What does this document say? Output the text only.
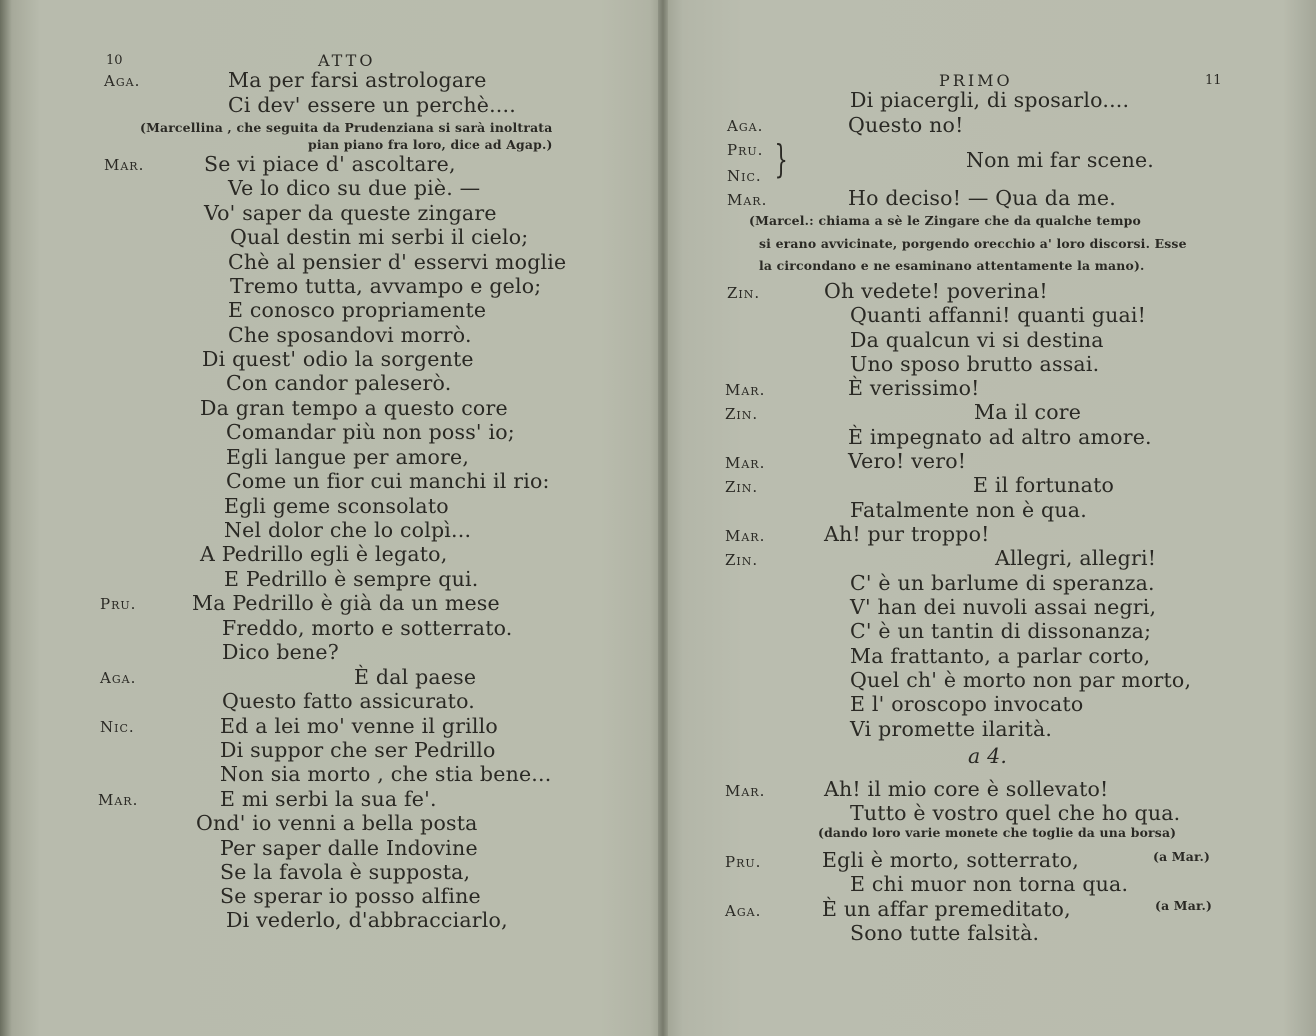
10	ATTO
Aga.	Ma per farsi astrologare
Ci dev' essere un perchè....
(Marcellina , che seguita da Prudenziana si sarà inoltrata
pian piano fra loro, dice ad Agap.)
Mar.	Se vi piace d' ascoltare,
Ve lo dico su due piè. —
Vo' saper da queste zingare
Qual destin mi serbi il cielo;
Chè al pensier d' esservi moglie
Tremo tutta, avvampo e gelo;
E conosco propriamente
Che sposandovi morrò.
Di quest' odio la sorgente
Con candor paleserò.
Da gran tempo a questo core
Comandar più non poss' io;
Egli langue per amore,
Come un fior cui manchi il rio:
Egli geme sconsolato
Nel dolor che lo colpì...
A Pedrillo egli è legato,
E Pedrillo è sempre qui.
Pru.	Ma Pedrillo è già da un mese
Freddo, morto e sotterrato.
Dico bene?
Aga.	È dal paese
Questo fatto assicurato.
Nic.	Ed a lei mo' venne il grillo
Di suppor che ser Pedrillo
Non sia morto , che stia bene...
Mar.	E mi serbi la sua fe'.
Ond' io venni a bella posta
Per saper dalle Indovine
Se la favola è supposta,
Se sperar io posso alfine
Di vederlo, d'abbracciarlo,
PRIMO	11
Di piacergli, di sposarlo....
Aga.	Questo no!
Pru.
Nic. }	Non mi far scene.
Mar.	Ho deciso! — Qua da me.
(Marcel.: chiama a sè le Zingare che da qualche tempo
si erano avvicinate, porgendo orecchio a' loro discorsi. Esse
la circondano e ne esaminano attentamente la mano).
Zin.	Oh vedete! poverina!
Quanti affanni! quanti guai!
Da qualcun vi si destina
Uno sposo brutto assai.
Mar.	È verissimo!
Zin.	Ma il core
È impegnato ad altro amore.
Mar.	Vero! vero!
Zin.	E il fortunato
Fatalmente non è qua.
Mar.	Ah! pur troppo!
Zin.	Allegri, allegri!
C' è un barlume di speranza.
V' han dei nuvoli assai negri,
C' è un tantin di dissonanza;
Ma frattanto, a parlar corto,
Quel ch' è morto non par morto,
E l' oroscopo invocato
Vi promette ilarità.
a 4.
Mar.	Ah! il mio core è sollevato!
Tutto è vostro quel che ho qua.
(dando loro varie monete che toglie da una borsa)
Pru.	Egli è morto, sotterrato,	(a Mar.)
E chi muor non torna qua.
Aga.	È un affar premeditato,	(a Mar.)
Sono tutte falsità.
